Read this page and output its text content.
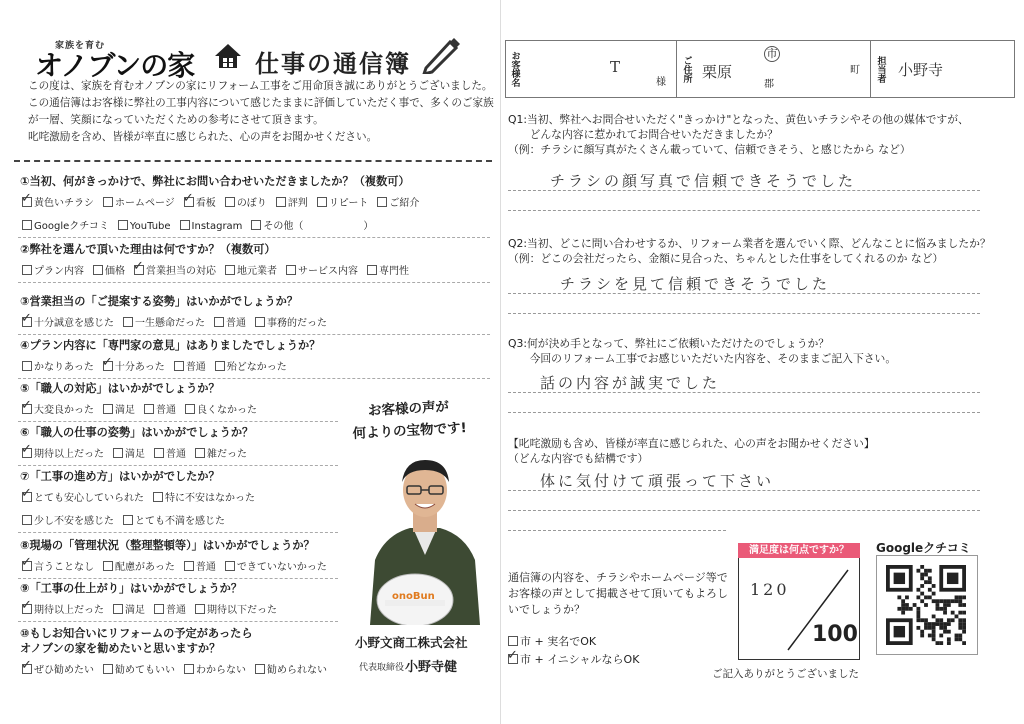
家族を育む
オノブンの家	仕事の通信簿
この度は、家族を育むオノブンの家にリフォーム工事をご用命頂き誠にありがとうございました。この通信簿はお客様に弊社の工事内容について感じたままに評価していただく事で、多くのご家族が一層、笑顔になっていただくための参考にさせて頂きます。
叱咤激励を含め、皆様が率直に感じられた、心の声をお聞かせください。
①当初、何がきっかけで、弊社にお問い合わせいただきましたか？（複数可）
✓黄色いチラシ ホームページ ✓ 看板 のぼり 評判 リピート ご紹介
Googleクチコミ YouTube Instagram その他（　　　　　　）
②弊社を選んで頂いた理由は何ですか？（複数可）
プラン内容 価格 ✓ 営業担当の対応 地元業者 サービス内容 専門性
③営業担当の「ご提案する姿勢」はいかがでしょうか？
✓十分誠意を感じた 一生懸命だった 普通 事務的だった
④プラン内容に「専門家の意見」はありましたでしょうか？
かなりあった ✓ 十分あった 普通 殆どなかった
⑤「職人の対応」はいかがでしょうか？
✓大変良かった 満足 普通 良くなかった
⑥「職人の仕事の姿勢」はいかがでしょうか？
✓期待以上だった 満足 普通 雑だった
⑦「工事の進め方」はいかがでしたか？
✓とても安心していられた 特に不安はなかった
少し不安を感じた とても不満を感じた
⑧現場の「管理状況（整理整頓等）」はいかがでしょうか？
✓言うことなし 配慮があった 普通 できていないかった
⑨「工事の仕上がり」はいかがでしょうか？
✓期待以上だった 満足 普通 期待以下だった
⑩もしお知合いにリフォームの予定があったら
オノブンの家を勧めたいと思いますか？
✓ぜひ勧めたい 勧めてもいい わからない 勧められない
お客様の声が
何よりの宝物です!
onoBun
小野文商工株式会社
代表取締役 小野寺健
お客様名	T
様 ご住所 栗原
市
郡
町 担当者 小野寺
Q1:当初、弊社へお問合せいただく"きっかけ"となった、黄色いチラシやその他の媒体ですが、
　　どんな内容に惹かれてお問合せいただきましたか？
（例：チラシに顔写真がたくさん載っていて、信頼できそう、と感じたから など）
チラシの顔写真で信頼できそうでした
Q2:当初、どこに問い合わせするか、リフォーム業者を選んでいく際、どんなことに悩みましたか？
（例：どこの会社だったら、金額に見合った、ちゃんとした仕事をしてくれるのか など）
チラシを見て信頼できそうでした
Q3:何が決め手となって、弊社にご依頼いただけたのでしょうか？
　　今回のリフォーム工事でお感じいただいた内容を、そのままご記入下さい。
話の内容が誠実でした
【叱咤激励も含め、皆様が率直に感じられた、心の声をお聞かせください】
（どんな内容でも結構です）
体に気付けて頑張って下さい
通信簿の内容を、チラシやホームページ等でお客様の声として掲載させて頂いてもよろしいでしょうか？
市 + 実名でOK
✓市 + イニシャルならOK
満足度は何点ですか？
120
100
ご記入ありがとうございました
Googleクチコミ
